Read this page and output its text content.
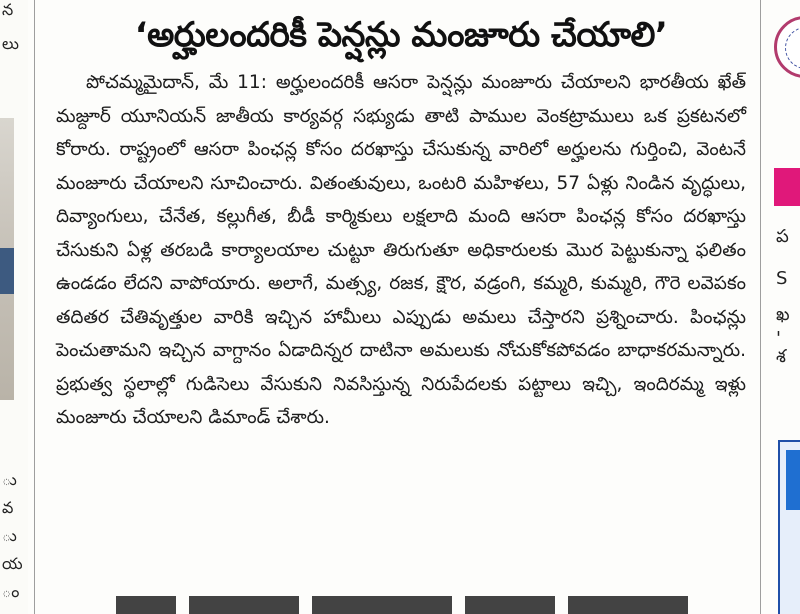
న
లు
ు
వ
ు
య
ం
‘అర్హులందరికీ పెన్షన్లు మంజూరు చేయాలి’

పోచమ్మమైదాన్, మే 11: అర్హులందరికీ ఆసరా పెన్షన్లు మంజూరు చేయాలని భారతీయ ఖేత్ మజ్దూర్ యూనియన్ జాతీయ కార్యవర్గ సభ్యుడు తాటి పాముల వెంకట్రాములు ఒక ప్రకటనలో కోరారు. రాష్ట్రంలో ఆసరా పింఛన్ల కోసం దరఖాస్తు చేసుకున్న వారిలో అర్హులను గుర్తించి, వెంటనే మంజూరు చేయాలని సూచించారు. వితంతువులు, ఒంటరి మహిళలు, 57 ఏళ్లు నిండిన వృద్ధులు, దివ్యాంగులు, చేనేత, కల్లుగీత, బీడీ కార్మికులు లక్షలాది మంది ఆసరా పింఛన్ల కోసం దరఖాస్తు చేసుకుని ఏళ్ల తరబడి కార్యాలయాల చుట్టూ తిరుగుతూ అధికారులకు మొర పెట్టుకున్నా ఫలితం ఉండడం లేదని వాపోయారు. అలాగే, మత్స్య, రజక, క్షౌర, వడ్రంగి, కమ్మరి, కుమ్మరి, గౌరె లవెపకం తదితర చేతివృత్తుల వారికి ఇచ్చిన హామీలు ఎప్పుడు అమలు చేస్తారని ప్రశ్నించారు. పింఛన్లు పెంచుతామని ఇచ్చిన వాగ్దానం ఏడాదిన్నర దాటినా అమలుకు నోచుకోకపోవడం బాధాకరమన్నారు. ప్రభుత్వ స్థలాల్లో గుడిసెలు వేసుకుని నివసిస్తున్న నిరుపేదలకు పట్టాలు ఇచ్చి, ఇందిరమ్మ ఇళ్లు మంజూరు చేయాలని డిమాండ్ చేశారు.

ప
S
ఖ
'
శ
